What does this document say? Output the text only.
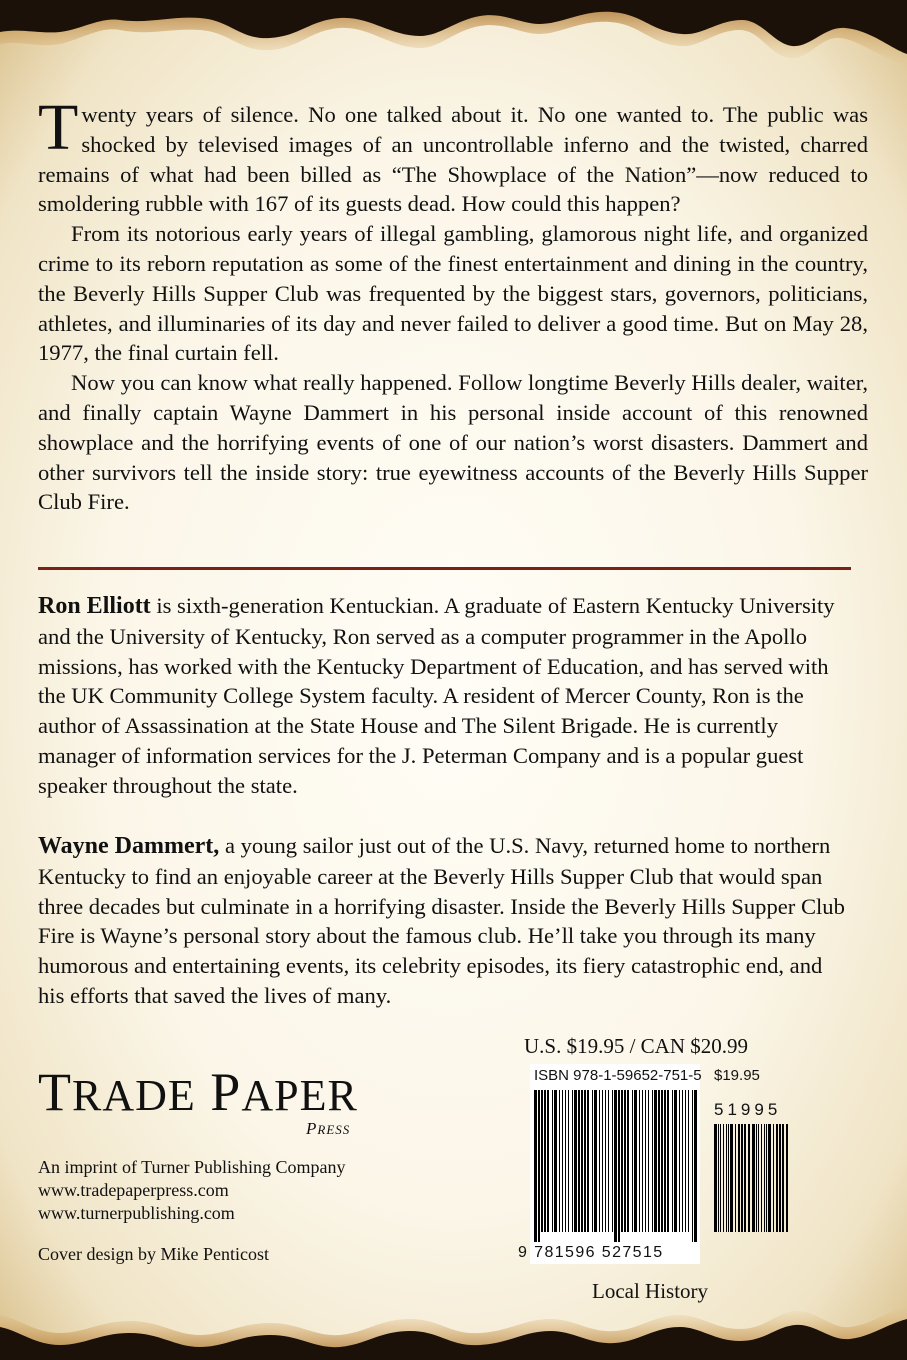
Twenty years of silence. No one talked about it. No one wanted to. The public was shocked by televised images of an uncontrollable inferno and the twisted, charred remains of what had been billed as “The Showplace of the Nation”—now reduced to smoldering rubble with 167 of its guests dead. How could this happen?

From its notorious early years of illegal gambling, glamorous night life, and organized crime to its reborn reputation as some of the finest entertainment and dining in the country, the Beverly Hills Supper Club was frequented by the biggest stars, governors, politicians, athletes, and illuminaries of its day and never failed to deliver a good time. But on May 28, 1977, the final curtain fell.

Now you can know what really happened. Follow longtime Beverly Hills dealer, waiter, and finally captain Wayne Dammert in his personal inside account of this renowned showplace and the horrifying events of one of our nation’s worst disasters. Dammert and other survivors tell the inside story: true eyewitness accounts of the Beverly Hills Supper Club Fire.

Ron Elliott is sixth-generation Kentuckian. A graduate of Eastern Kentucky University and the University of Kentucky, Ron served as a computer programmer in the Apollo missions, has worked with the Kentucky Department of Education, and has served with the UK Community College System faculty. A resident of Mercer County, Ron is the author of Assassination at the State House and The Silent Brigade. He is currently manager of information services for the J. Peterman Company and is a popular guest speaker throughout the state.

Wayne Dammert, a young sailor just out of the U.S. Navy, returned home to northern Kentucky to find an enjoyable career at the Beverly Hills Supper Club that would span three decades but culminate in a horrifying disaster. Inside the Beverly Hills Supper Club Fire is Wayne’s personal story about the famous club. He’ll take you through its many humorous and entertaining events, its celebrity episodes, its fiery catastrophic end, and his efforts that saved the lives of many.

TRADE PAPER
PRESS
An imprint of Turner Publishing Company
www.tradepaperpress.com
www.turnerpublishing.com
Cover design by Mike Penticost
U.S. $19.95 / CAN $20.99
ISBN 978-1-59652-751-5 $19.95
51995
9 781596 527515
Local History
